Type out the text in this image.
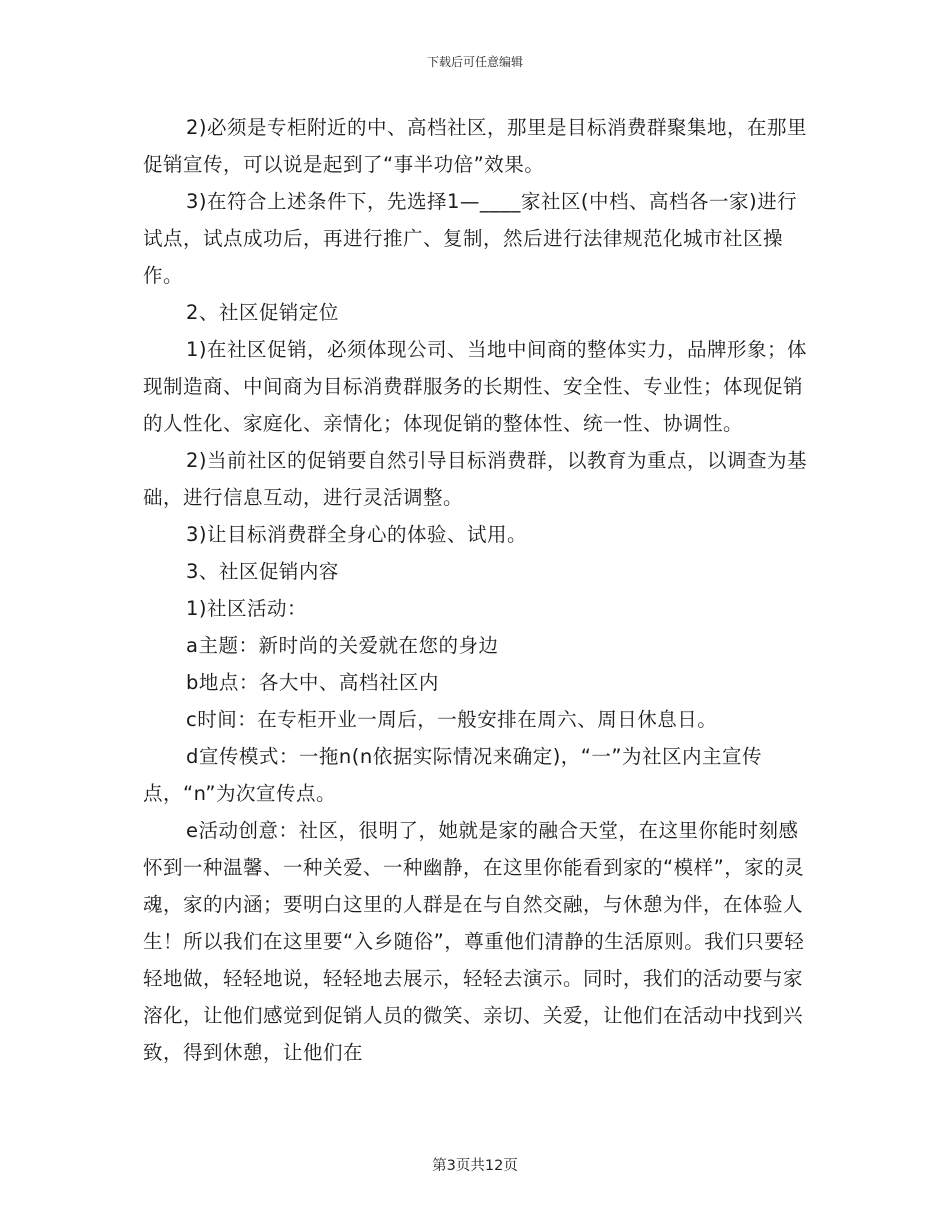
下载后可任意编辑

2)必须是专柜附近的中、高档社区，那里是目标消费群聚集地，在那里促销宣传，可以说是起到了“事半功倍”效果。

3)在符合上述条件下，先选择1—____家社区(中档、高档各一家)进行试点，试点成功后，再进行推广、复制，然后进行法律规范化城市社区操作。

2、社区促销定位

1)在社区促销，必须体现公司、当地中间商的整体实力，品牌形象；体现制造商、中间商为目标消费群服务的长期性、安全性、专业性；体现促销的人性化、家庭化、亲情化；体现促销的整体性、统一性、协调性。

2)当前社区的促销要自然引导目标消费群，以教育为重点，以调查为基础，进行信息互动，进行灵活调整。

3)让目标消费群全身心的体验、试用。

3、社区促销内容

1)社区活动：

a主题：新时尚的关爱就在您的身边

b地点：各大中、高档社区内

c时间：在专柜开业一周后，一般安排在周六、周日休息日。

d宣传模式：一拖n(n依据实际情况来确定)，“一”为社区内主宣传点，“n”为次宣传点。

e活动创意：社区，很明了，她就是家的融合天堂，在这里你能时刻感怀到一种温馨、一种关爱、一种幽静，在这里你能看到家的“模样”，家的灵魂，家的内涵；要明白这里的人群是在与自然交融，与休憩为伴，在体验人生！所以我们在这里要“入乡随俗”，尊重他们清静的生活原则。我们只要轻轻地做，轻轻地说，轻轻地去展示，轻轻去演示。同时，我们的活动要与家溶化，让他们感觉到促销人员的微笑、亲切、关爱，让他们在活动中找到兴致，得到休憩，让他们在

第3页共12页
